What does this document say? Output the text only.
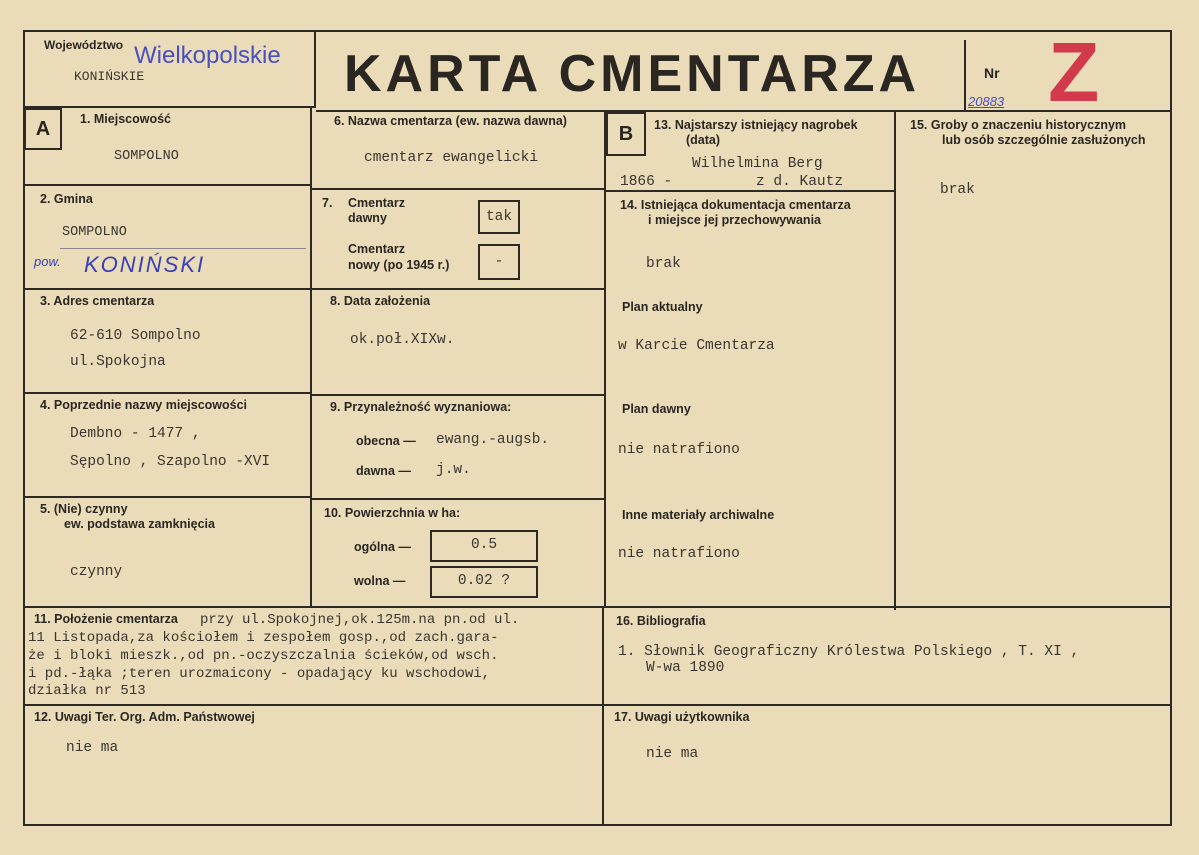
Województwo Wielkopolskie
KONIŃSKIE	KARTA CMENTARZA	Nr Z
20883
A	1. Miejscowość
SOMPOLNO
2. Gmina
SOMPOLNO
pow. KONIŃSKI
3. Adres cmentarza
62-610 Sompolno
ul.Spokojna
4. Poprzednie nazwy miejscowości
Dembno - 1477 ,
Sępolno , Szapolno -XVI
5. (Nie) czynny
ew. podstawa zamknięcia
czynny
6. Nazwa cmentarza (ew. nazwa dawna)
cmentarz ewangelicki
7. Cmentarz
dawny	tak
Cmentarz
nowy (po 1945 r.)	-
8. Data założenia
ok.poł.XIXw.
9. Przynależność wyznaniowa:
obecna — ewang.-augsb.
dawna — j.w.
10. Powierzchnia w ha:
ogólna —	0.5
wolna —	0.02 ?
B	13. Najstarszy istniejący nagrobek
(data)
Wilhelmina Berg
1866 -	z d. Kautz
14. Istniejąca dokumentacja cmentarza
i miejsce jej przechowywania
brak
Plan aktualny
w Karcie Cmentarza
Plan dawny
nie natrafiono
Inne materiały archiwalne
nie natrafiono
15. Groby o znaczeniu historycznym
lub osób szczególnie zasłużonych
brak
11. Położenie cmentarza przy ul.Spokojnej,ok.125m.na pn.od ul.
11 Listopada,za kościołem i zespołem gosp.,od zach.gara-
że i bloki mieszk.,od pn.-oczyszczalnia ścieków,od wsch.
i pd.-łąka ;teren urozmaicony - opadający ku wschodowi,
działka nr 513
16. Bibliografia
1. Słownik Geograficzny Królestwa Polskiego , T. XI ,
W-wa 1890
12. Uwagi Ter. Org. Adm. Państwowej
nie ma
17. Uwagi użytkownika
nie ma
